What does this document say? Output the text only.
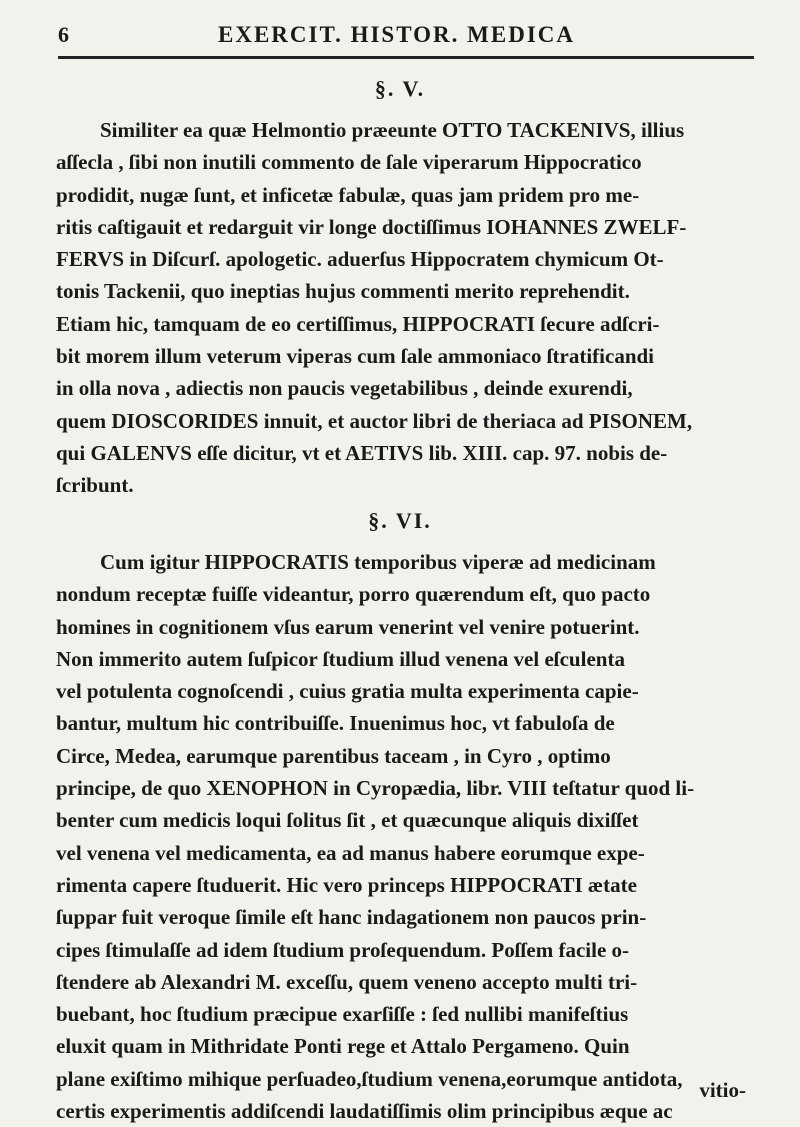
6	EXERCIT. HISTOR. MEDICA
§. V.
Similiter ea quæ Helmontio præeunte OTTO TACKENIVS, illius
aſſecla , ſibi non inutili commento de ſale viperarum Hippocratico
prodidit, nugæ ſunt, et inficetæ fabulæ, quas jam pridem pro me-
ritis caſtigauit et redarguit vir longe doctiſſimus IOHANNES ZWELF-
FERVS in Diſcurſ. apologetic. aduerſus Hippocratem chymicum Ot-
tonis Tackenii, quo ineptias hujus commenti merito reprehendit.
Etiam hic, tamquam de eo certiſſimus, HIPPOCRATI ſecure adſcri-
bit morem illum veterum viperas cum ſale ammoniaco ſtratificandi
in olla nova , adiectis non paucis vegetabilibus , deinde exurendi,
quem DIOSCORIDES innuit, et auctor libri de theriaca ad PISONEM,
qui GALENVS eſſe dicitur, vt et AETIVS lib. XIII. cap. 97. nobis de-
ſcribunt.
§. VI.
Cum igitur HIPPOCRATIS temporibus viperæ ad medicinam
nondum receptæ fuiſſe videantur, porro quærendum eſt, quo pacto
homines in cognitionem vſus earum venerint vel venire potuerint.
Non immerito autem ſuſpicor ſtudium illud venena vel eſculenta
vel potulenta cognoſcendi , cuius gratia multa experimenta capie-
bantur, multum hic contribuiſſe. Inuenimus hoc, vt fabuloſa de
Circe, Medea, earumque parentibus taceam , in Cyro , optimo
principe, de quo XENOPHON in Cyropædia, libr. VIII teſtatur quod li-
benter cum medicis loqui ſolitus ſit , et quæcunque aliquis dixiſſet
vel venena vel medicamenta, ea ad manus habere eorumque expe-
rimenta capere ſtuduerit. Hic vero princeps HIPPOCRATI ætate
ſuppar fuit veroque ſimile eſt hanc indagationem non paucos prin-
cipes ſtimulaſſe ad idem ſtudium proſequendum. Poſſem facile o-
ſtendere ab Alexandri M. exceſſu, quem veneno accepto multi tri-
buebant, hoc ſtudium præcipue exarſiſſe : ſed nullibi manifeſtius
eluxit quam in Mithridate Ponti rege et Attalo Pergameno. Quin
plane exiſtimo mihique perſuadeo,ſtudium venena,eorumque antidota,
certis experimentis addiſcendi laudatiſſimis olim principibus æque ac
vitio-
